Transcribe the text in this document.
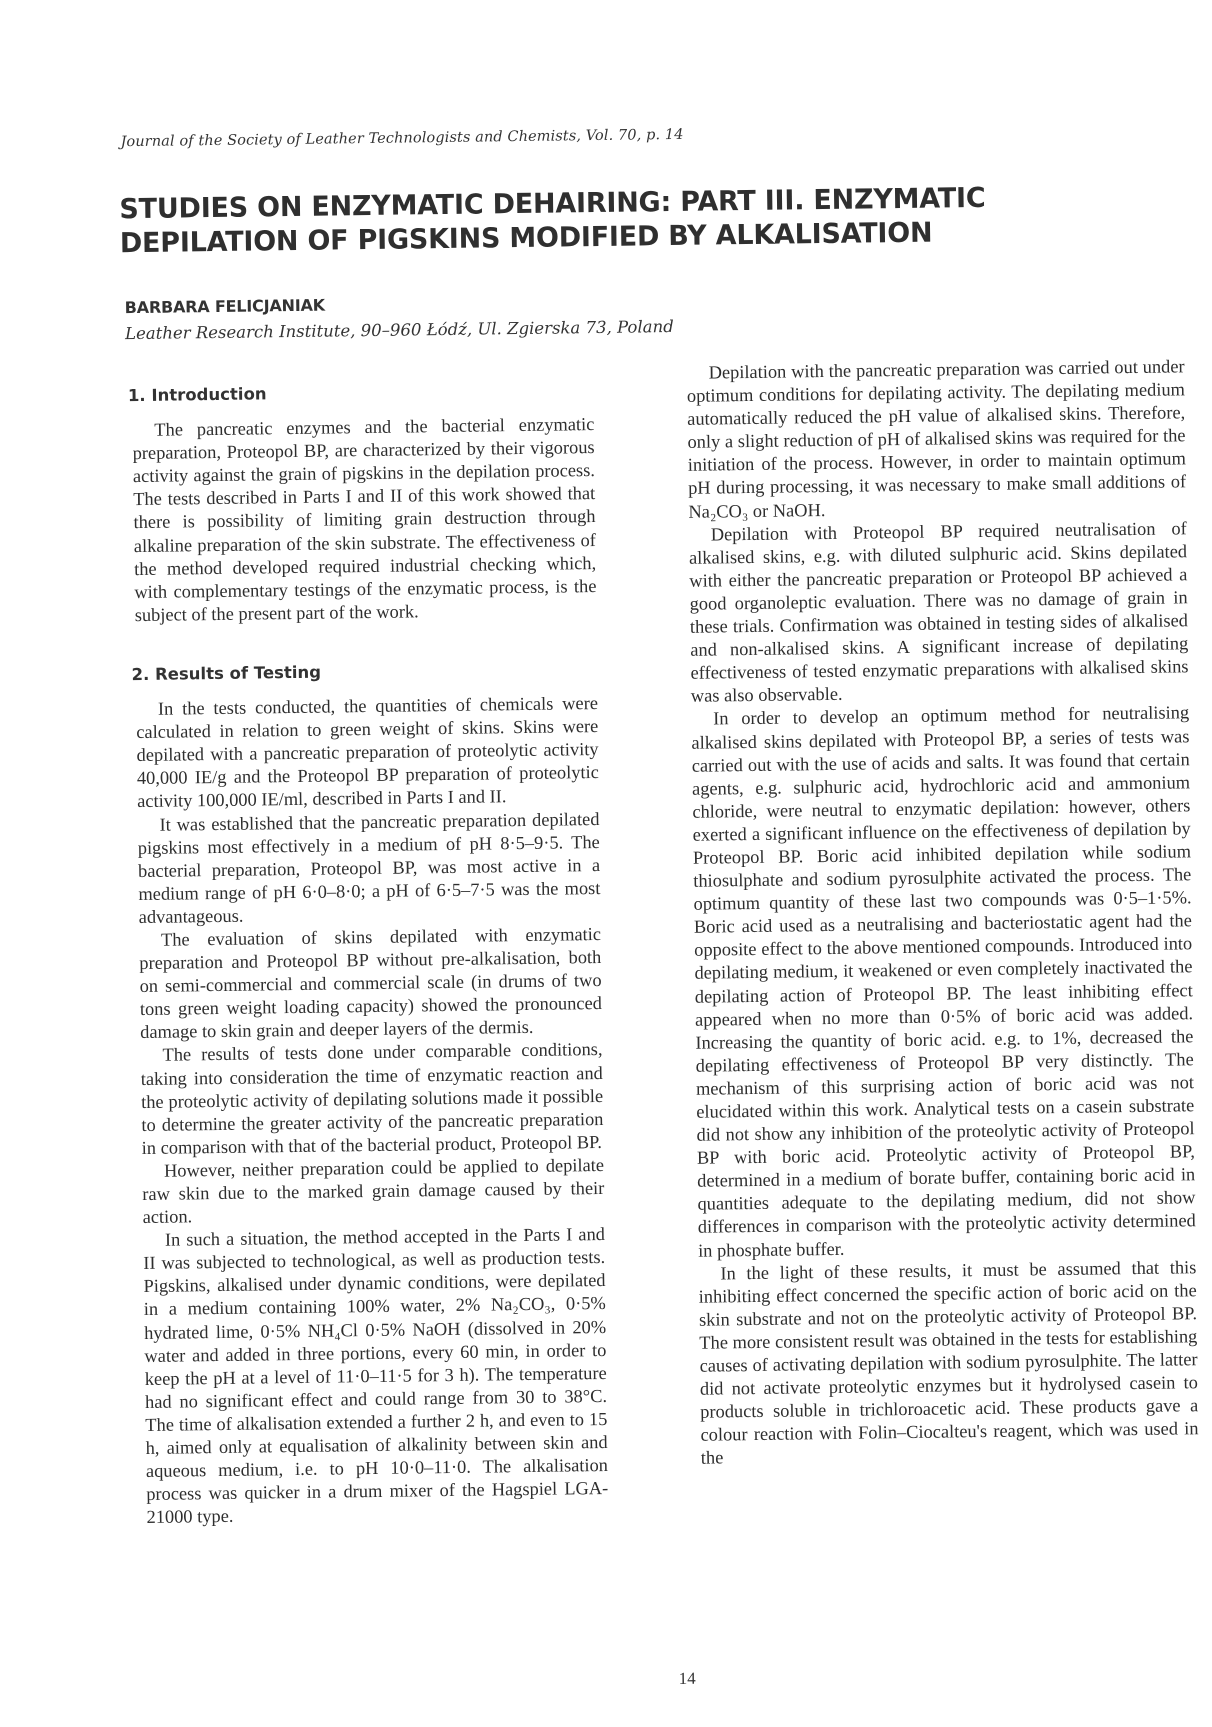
Journal of the Society of Leather Technologists and Chemists, Vol. 70, p. 14
STUDIES ON ENZYMATIC DEHAIRING: PART III. ENZYMATIC
DEPILATION OF PIGSKINS MODIFIED BY ALKALISATION
BARBARA FELICJANIAK
Leather Research Institute, 90–960 Łódź, Ul. Zgierska 73, Poland
1. Introduction

The pancreatic enzymes and the bacterial enzymatic preparation, Proteopol BP, are characterized by their vigorous activity against the grain of pigskins in the depilation process. The tests described in Parts I and II of this work showed that there is possibility of limiting grain destruction through alkaline preparation of the skin substrate. The effectiveness of the method developed required industrial checking which, with complementary testings of the enzymatic process, is the subject of the present part of the work.

2. Results of Testing

In the tests conducted, the quantities of chemicals were calculated in relation to green weight of skins. Skins were depilated with a pancreatic preparation of proteolytic activity 40,000 IE/g and the Proteopol BP preparation of proteolytic activity 100,000 IE/ml, described in Parts I and II.

It was established that the pancreatic preparation depilated pigskins most effectively in a medium of pH 8·5–9·5. The bacterial preparation, Proteopol BP, was most active in a medium range of pH 6·0–8·0; a pH of 6·5–7·5 was the most advantageous.

The evaluation of skins depilated with enzymatic preparation and Proteopol BP without pre-alkalisation, both on semi-commercial and commercial scale (in drums of two tons green weight loading capacity) showed the pronounced damage to skin grain and deeper layers of the dermis.

The results of tests done under comparable conditions, taking into consideration the time of enzymatic reaction and the proteolytic activity of depilating solutions made it possible to determine the greater activity of the pancreatic preparation in comparison with that of the bacterial product, Proteopol BP.

However, neither preparation could be applied to depilate raw skin due to the marked grain damage caused by their action.

In such a situation, the method accepted in the Parts I and II was subjected to technological, as well as production tests. Pigskins, alkalised under dynamic conditions, were depilated in a medium containing 100% water, 2% Na₂CO₃, 0·5% hydrated lime, 0·5% NH₄Cl 0·5% NaOH (dissolved in 20% water and added in three portions, every 60 min, in order to keep the pH at a level of 11·0–11·5 for 3 h). The temperature had no significant effect and could range from 30 to 38°C. The time of alkalisation extended a further 2 h, and even to 15 h, aimed only at equalisation of alkalinity between skin and aqueous medium, i.e. to pH 10·0–11·0. The alkalisation process was quicker in a drum mixer of the Hagspiel LGA-21000 type.

Depilation with the pancreatic preparation was carried out under optimum conditions for depilating activity. The depilating medium automatically reduced the pH value of alkalised skins. Therefore, only a slight reduction of pH of alkalised skins was required for the initiation of the process. However, in order to maintain optimum pH during processing, it was necessary to make small additions of Na₂CO₃ or NaOH.

Depilation with Proteopol BP required neutralisation of alkalised skins, e.g. with diluted sulphuric acid. Skins depilated with either the pancreatic preparation or Proteopol BP achieved a good organoleptic evaluation. There was no damage of grain in these trials. Confirmation was obtained in testing sides of alkalised and non-alkalised skins. A significant increase of depilating effectiveness of tested enzymatic preparations with alkalised skins was also observable.

In order to develop an optimum method for neutralising alkalised skins depilated with Proteopol BP, a series of tests was carried out with the use of acids and salts. It was found that certain agents, e.g. sulphuric acid, hydrochloric acid and ammonium chloride, were neutral to enzymatic depilation: however, others exerted a significant influence on the effectiveness of depilation by Proteopol BP. Boric acid inhibited depilation while sodium thiosulphate and sodium pyrosulphite activated the process. The optimum quantity of these last two compounds was 0·5–1·5%. Boric acid used as a neutralising and bacteriostatic agent had the opposite effect to the above mentioned compounds. Introduced into depilating medium, it weakened or even completely inactivated the depilating action of Proteopol BP. The least inhibiting effect appeared when no more than 0·5% of boric acid was added. Increasing the quantity of boric acid. e.g. to 1%, decreased the depilating effectiveness of Proteopol BP very distinctly. The mechanism of this surprising action of boric acid was not elucidated within this work. Analytical tests on a casein substrate did not show any inhibition of the proteolytic activity of Proteopol BP with boric acid. Proteolytic activity of Proteopol BP, determined in a medium of borate buffer, containing boric acid in quantities adequate to the depilating medium, did not show differences in comparison with the proteolytic activity determined in phosphate buffer.

In the light of these results, it must be assumed that this inhibiting effect concerned the specific action of boric acid on the skin substrate and not on the proteolytic activity of Proteopol BP. The more consistent result was obtained in the tests for establishing causes of activating depilation with sodium pyrosulphite. The latter did not activate proteolytic enzymes but it hydrolysed casein to products soluble in trichloroacetic acid. These products gave a colour reaction with Folin–Ciocalteu's reagent, which was used in the

14
